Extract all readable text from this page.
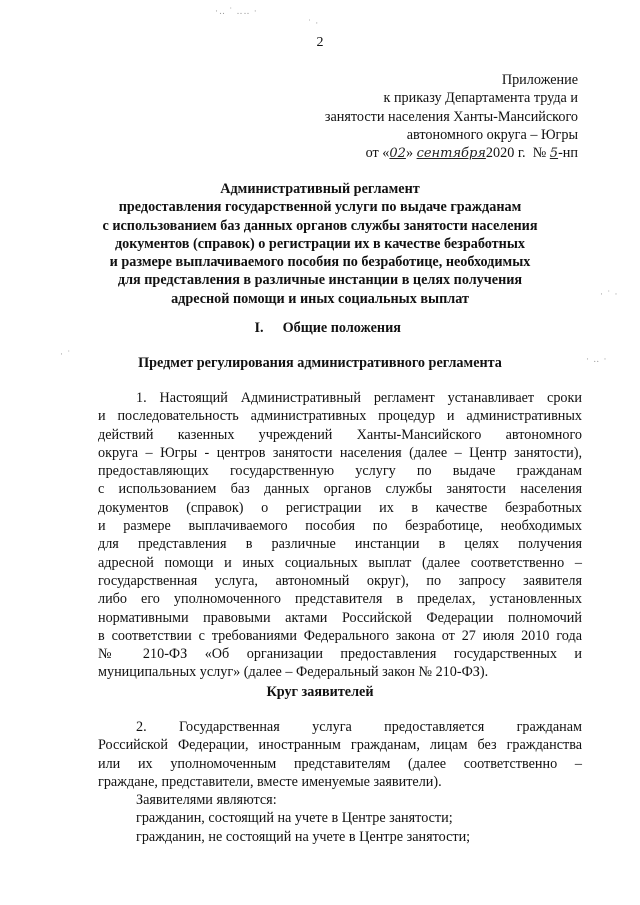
·‥ ˙ ‥‥ ·
˙ ·
· ˙ ·
· ˙	· ‥ ·
2
Приложение
к приказу Департамента труда и
занятости населения Ханты-Мансийского
автономного округа – Югры
от «02» сентября2020 г. № 5-нп
Административный регламент
предоставления государственной услуги по выдаче гражданам
с использованием баз данных органов службы занятости населения
документов (справок) о регистрации их в качестве безработных
и размере выплачиваемого пособия по безработице, необходимых
для представления в различные инстанции в целях получения
адресной помощи и иных социальных выплат
I. Общие положения
Предмет регулирования административного регламента
1. Настоящий Административный регламент устанавливает сроки
и последовательность административных процедур и административных
действий казенных учреждений Ханты-Мансийского автономного
округа – Югры - центров занятости населения (далее – Центр занятости),
предоставляющих государственную услугу по выдаче гражданам
с использованием баз данных органов службы занятости населения
документов (справок) о регистрации их в качестве безработных
и размере выплачиваемого пособия по безработице, необходимых
для представления в различные инстанции в целях получения
адресной помощи и иных социальных выплат (далее соответственно –
государственная услуга, автономный округ), по запросу заявителя
либо его уполномоченного представителя в пределах, установленных
нормативными правовыми актами Российской Федерации полномочий
в соответствии с требованиями Федерального закона от 27 июля 2010 года
№ 210-ФЗ «Об организации предоставления государственных и
муниципальных услуг» (далее – Федеральный закон № 210-ФЗ).
Круг заявителей
2. Государственная услуга предоставляется гражданам
Российской Федерации, иностранным гражданам, лицам без гражданства
или их уполномоченным представителям (далее соответственно –
граждане, представители, вместе именуемые заявители).
Заявителями являются:
гражданин, состоящий на учете в Центре занятости;
гражданин, не состоящий на учете в Центре занятости;
